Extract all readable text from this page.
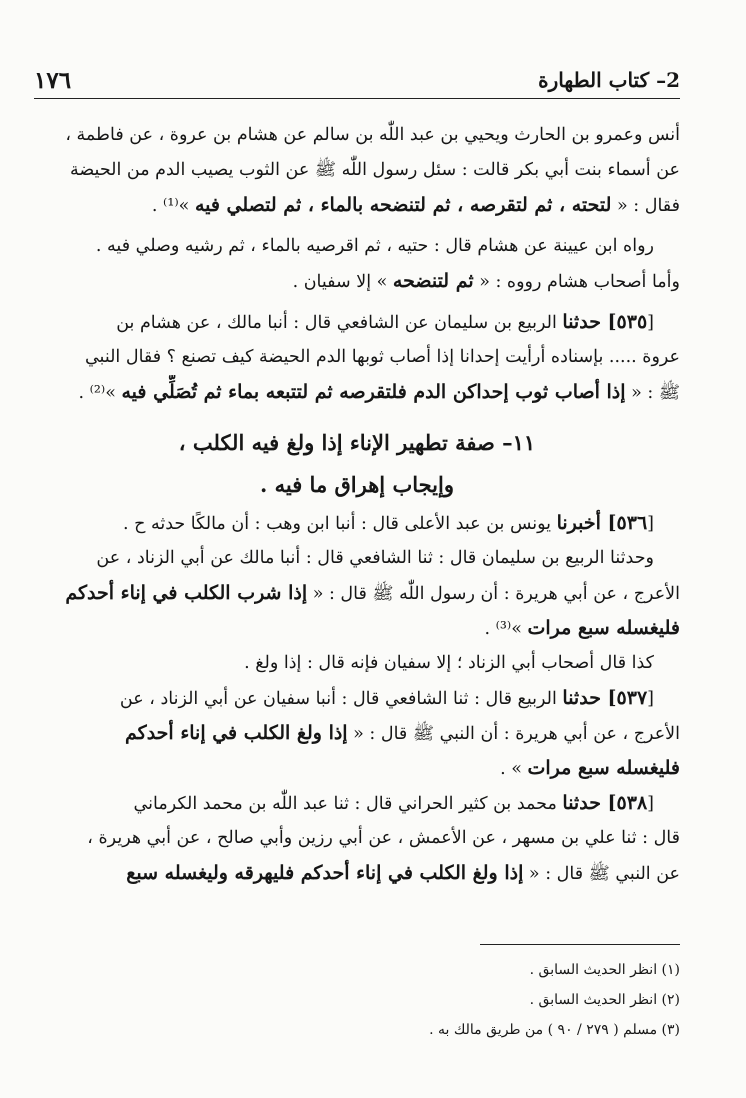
2– كتاب الطهارة
١٧٦
أنس وعمرو بن الحارث ويحيي بن عبد اللّٰه بن سالم عن هشام بن عروة ، عن فاطمة ،
عن أسماء بنت أبي بكر قالت : سئل رسول اللّٰه ﷺ عن الثوب يصيب الدم من الحيضة
فقال : « لتحته ، ثم لتقرصه ، ثم لتنضحه بالماء ، ثم لتصلي فيه »⁽¹⁾ .
رواه ابن عيينة عن هشام قال : حتيه ، ثم اقرصيه بالماء ، ثم رشيه وصلي فيه .
وأما أصحاب هشام رووه : « ثم لتنضحه » إلا سفيان .
[٥٣٥] حدثنا الربيع بن سليمان عن الشافعي قال : أنبا مالك ، عن هشام بن
عروة ..... بإسناده أرأيت إحدانا إذا أصاب ثوبها الدم الحيضة كيف تصنع ؟ فقال النبي
ﷺ : « إذا أصاب ثوب إحداكن الدم فلتقرصه ثم لتتبعه بماء ثم تُصَلِّي فيه »⁽²⁾ .
١١– صفة تطهير الإناء إذا ولغ فيه الكلب ،
وإيجاب إهراق ما فيه .
[٥٣٦] أخبرنا يونس بن عبد الأعلى قال : أنبا ابن وهب : أن مالكًا حدثه ح .
وحدثنا الربيع بن سليمان قال : ثنا الشافعي قال : أنبا مالك عن أبي الزناد ، عن
الأعرج ، عن أبي هريرة : أن رسول اللّٰه ﷺ قال : « إذا شرب الكلب في إناء أحدكم
فليغسله سبع مرات »⁽³⁾ .
كذا قال أصحاب أبي الزناد ؛ إلا سفيان فإنه قال : إذا ولغ .
[٥٣٧] حدثنا الربيع قال : ثنا الشافعي قال : أنبا سفيان عن أبي الزناد ، عن
الأعرج ، عن أبي هريرة : أن النبي ﷺ قال : « إذا ولغ الكلب في إناء أحدكم
فليغسله سبع مرات » .
[٥٣٨] حدثنا محمد بن كثير الحراني قال : ثنا عبد اللّٰه بن محمد الكرماني
قال : ثنا علي بن مسهر ، عن الأعمش ، عن أبي رزين وأبي صالح ، عن أبي هريرة ،
عن النبي ﷺ قال : « إذا ولغ الكلب في إناء أحدكم فليهرقه وليغسله سبع
(١) انظر الحديث السابق .
(٢) انظر الحديث السابق .
(٣) مسلم ( ٢٧٩ / ٩٠ ) من طريق مالك به .
